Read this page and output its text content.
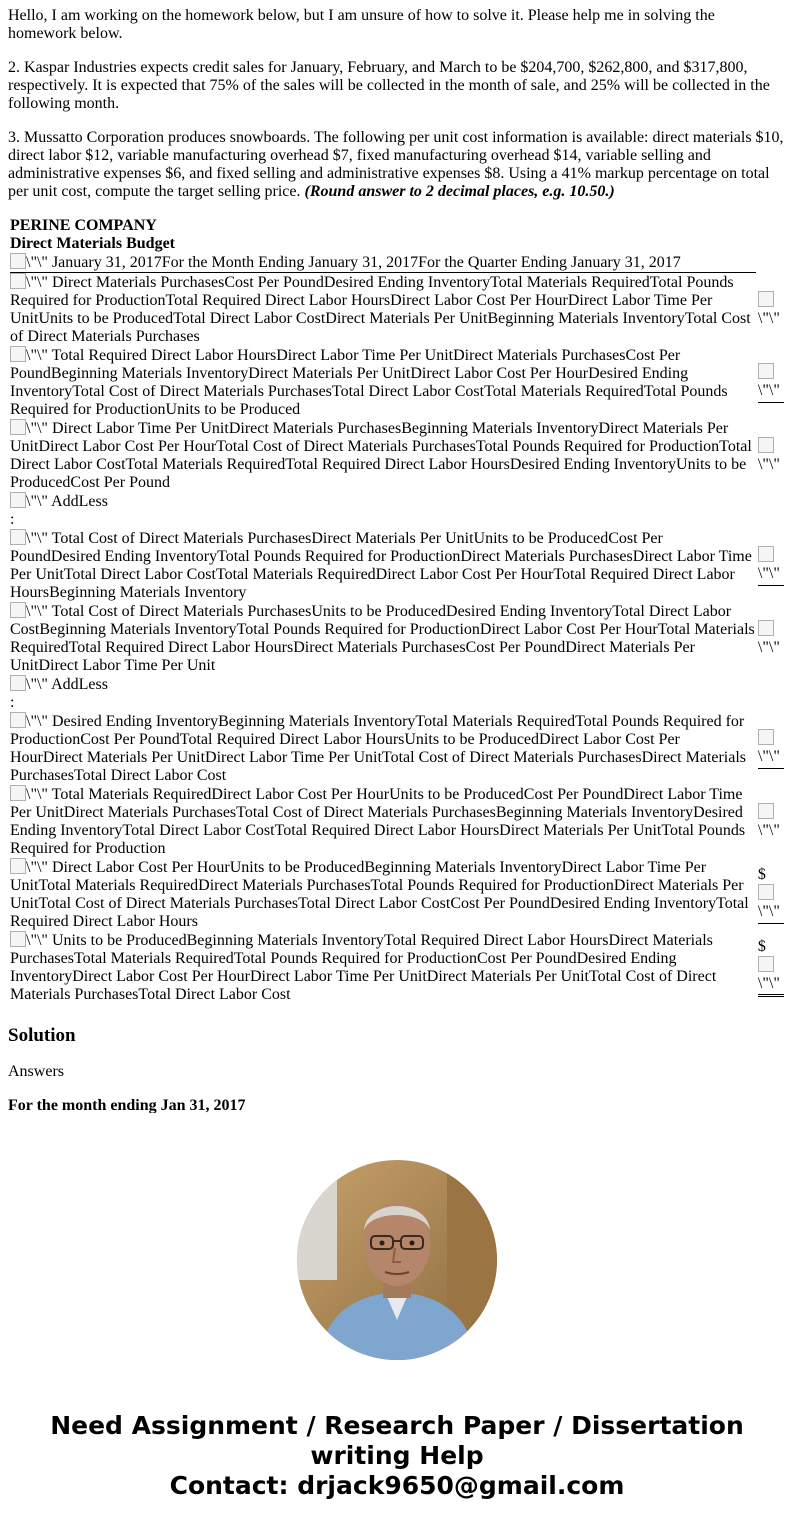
Hello, I am working on the homework below, but I am unsure of how to solve it. Please help me in solving the homework below.

2. Kaspar Industries expects credit sales for January, February, and March to be $204,700, $262,800, and $317,800, respectively. It is expected that 75% of the sales will be collected in the month of sale, and 25% will be collected in the following month.

3. Mussatto Corporation produces snowboards. The following per unit cost information is available: direct materials $10, direct labor $12, variable manufacturing overhead $7, fixed manufacturing overhead $14, variable selling and administrative expenses $6, and fixed selling and administrative expenses $8. Using a 41% markup percentage on total per unit cost, compute the target selling price. (Round answer to 2 decimal places, e.g. 10.50.)

PERINE COMPANY
Direct Materials Budget
\"\" January 31, 2017For the Month Ending January 31, 2017For the Quarter Ending January 31, 2017	
\"\" Direct Materials PurchasesCost Per PoundDesired Ending InventoryTotal Materials RequiredTotal Pounds Required for ProductionTotal Required Direct Labor HoursDirect Labor Cost Per HourDirect Labor Time Per UnitUnits to be ProducedTotal Direct Labor CostDirect Materials Per UnitBeginning Materials InventoryTotal Cost of Direct Materials Purchases	\"\"

\"\" Total Required Direct Labor HoursDirect Labor Time Per UnitDirect Materials PurchasesCost Per PoundBeginning Materials InventoryDirect Materials Per UnitDirect Labor Cost Per HourDesired Ending InventoryTotal Cost of Direct Materials PurchasesTotal Direct Labor CostTotal Materials RequiredTotal Pounds Required for ProductionUnits to be Produced	\"\"

\"\" Direct Labor Time Per UnitDirect Materials PurchasesBeginning Materials InventoryDirect Materials Per UnitDirect Labor Cost Per HourTotal Cost of Direct Materials PurchasesTotal Pounds Required for ProductionTotal Direct Labor CostTotal Materials RequiredTotal Required Direct Labor HoursDesired Ending InventoryUnits to be ProducedCost Per Pound	\"\"

\"\" AddLess
:	
\"\" Total Cost of Direct Materials PurchasesDirect Materials Per UnitUnits to be ProducedCost Per PoundDesired Ending InventoryTotal Pounds Required for ProductionDirect Materials PurchasesDirect Labor Time Per UnitTotal Direct Labor CostTotal Materials RequiredDirect Labor Cost Per HourTotal Required Direct Labor HoursBeginning Materials Inventory	\"\"

\"\" Total Cost of Direct Materials PurchasesUnits to be ProducedDesired Ending InventoryTotal Direct Labor CostBeginning Materials InventoryTotal Pounds Required for ProductionDirect Labor Cost Per HourTotal Materials RequiredTotal Required Direct Labor HoursDirect Materials PurchasesCost Per PoundDirect Materials Per UnitDirect Labor Time Per Unit	\"\"

\"\" AddLess
:	
\"\" Desired Ending InventoryBeginning Materials InventoryTotal Materials RequiredTotal Pounds Required for ProductionCost Per PoundTotal Required Direct Labor HoursUnits to be ProducedDirect Labor Cost Per HourDirect Materials Per UnitDirect Labor Time Per UnitTotal Cost of Direct Materials PurchasesDirect Materials PurchasesTotal Direct Labor Cost	\"\"

\"\" Total Materials RequiredDirect Labor Cost Per HourUnits to be ProducedCost Per PoundDirect Labor Time Per UnitDirect Materials PurchasesTotal Cost of Direct Materials PurchasesBeginning Materials InventoryDesired Ending InventoryTotal Direct Labor CostTotal Required Direct Labor HoursDirect Materials Per UnitTotal Pounds Required for Production	\"\"

\"\" Direct Labor Cost Per HourUnits to be ProducedBeginning Materials InventoryDirect Labor Time Per UnitTotal Materials RequiredDirect Materials PurchasesTotal Pounds Required for ProductionDirect Materials Per UnitTotal Cost of Direct Materials PurchasesTotal Direct Labor CostCost Per PoundDesired Ending InventoryTotal Required Direct Labor Hours	$
\"\"

\"\" Units to be ProducedBeginning Materials InventoryTotal Required Direct Labor HoursDirect Materials PurchasesTotal Materials RequiredTotal Pounds Required for ProductionCost Per PoundDesired Ending InventoryDirect Labor Cost Per HourDirect Labor Time Per UnitDirect Materials Per UnitTotal Cost of Direct Materials PurchasesTotal Direct Labor Cost	$
\"\"
Solution

Answers

For the month ending Jan 31, 2017
Need Assignment / Research Paper / Dissertation
writing Help
Contact: drjack9650@gmail.com
